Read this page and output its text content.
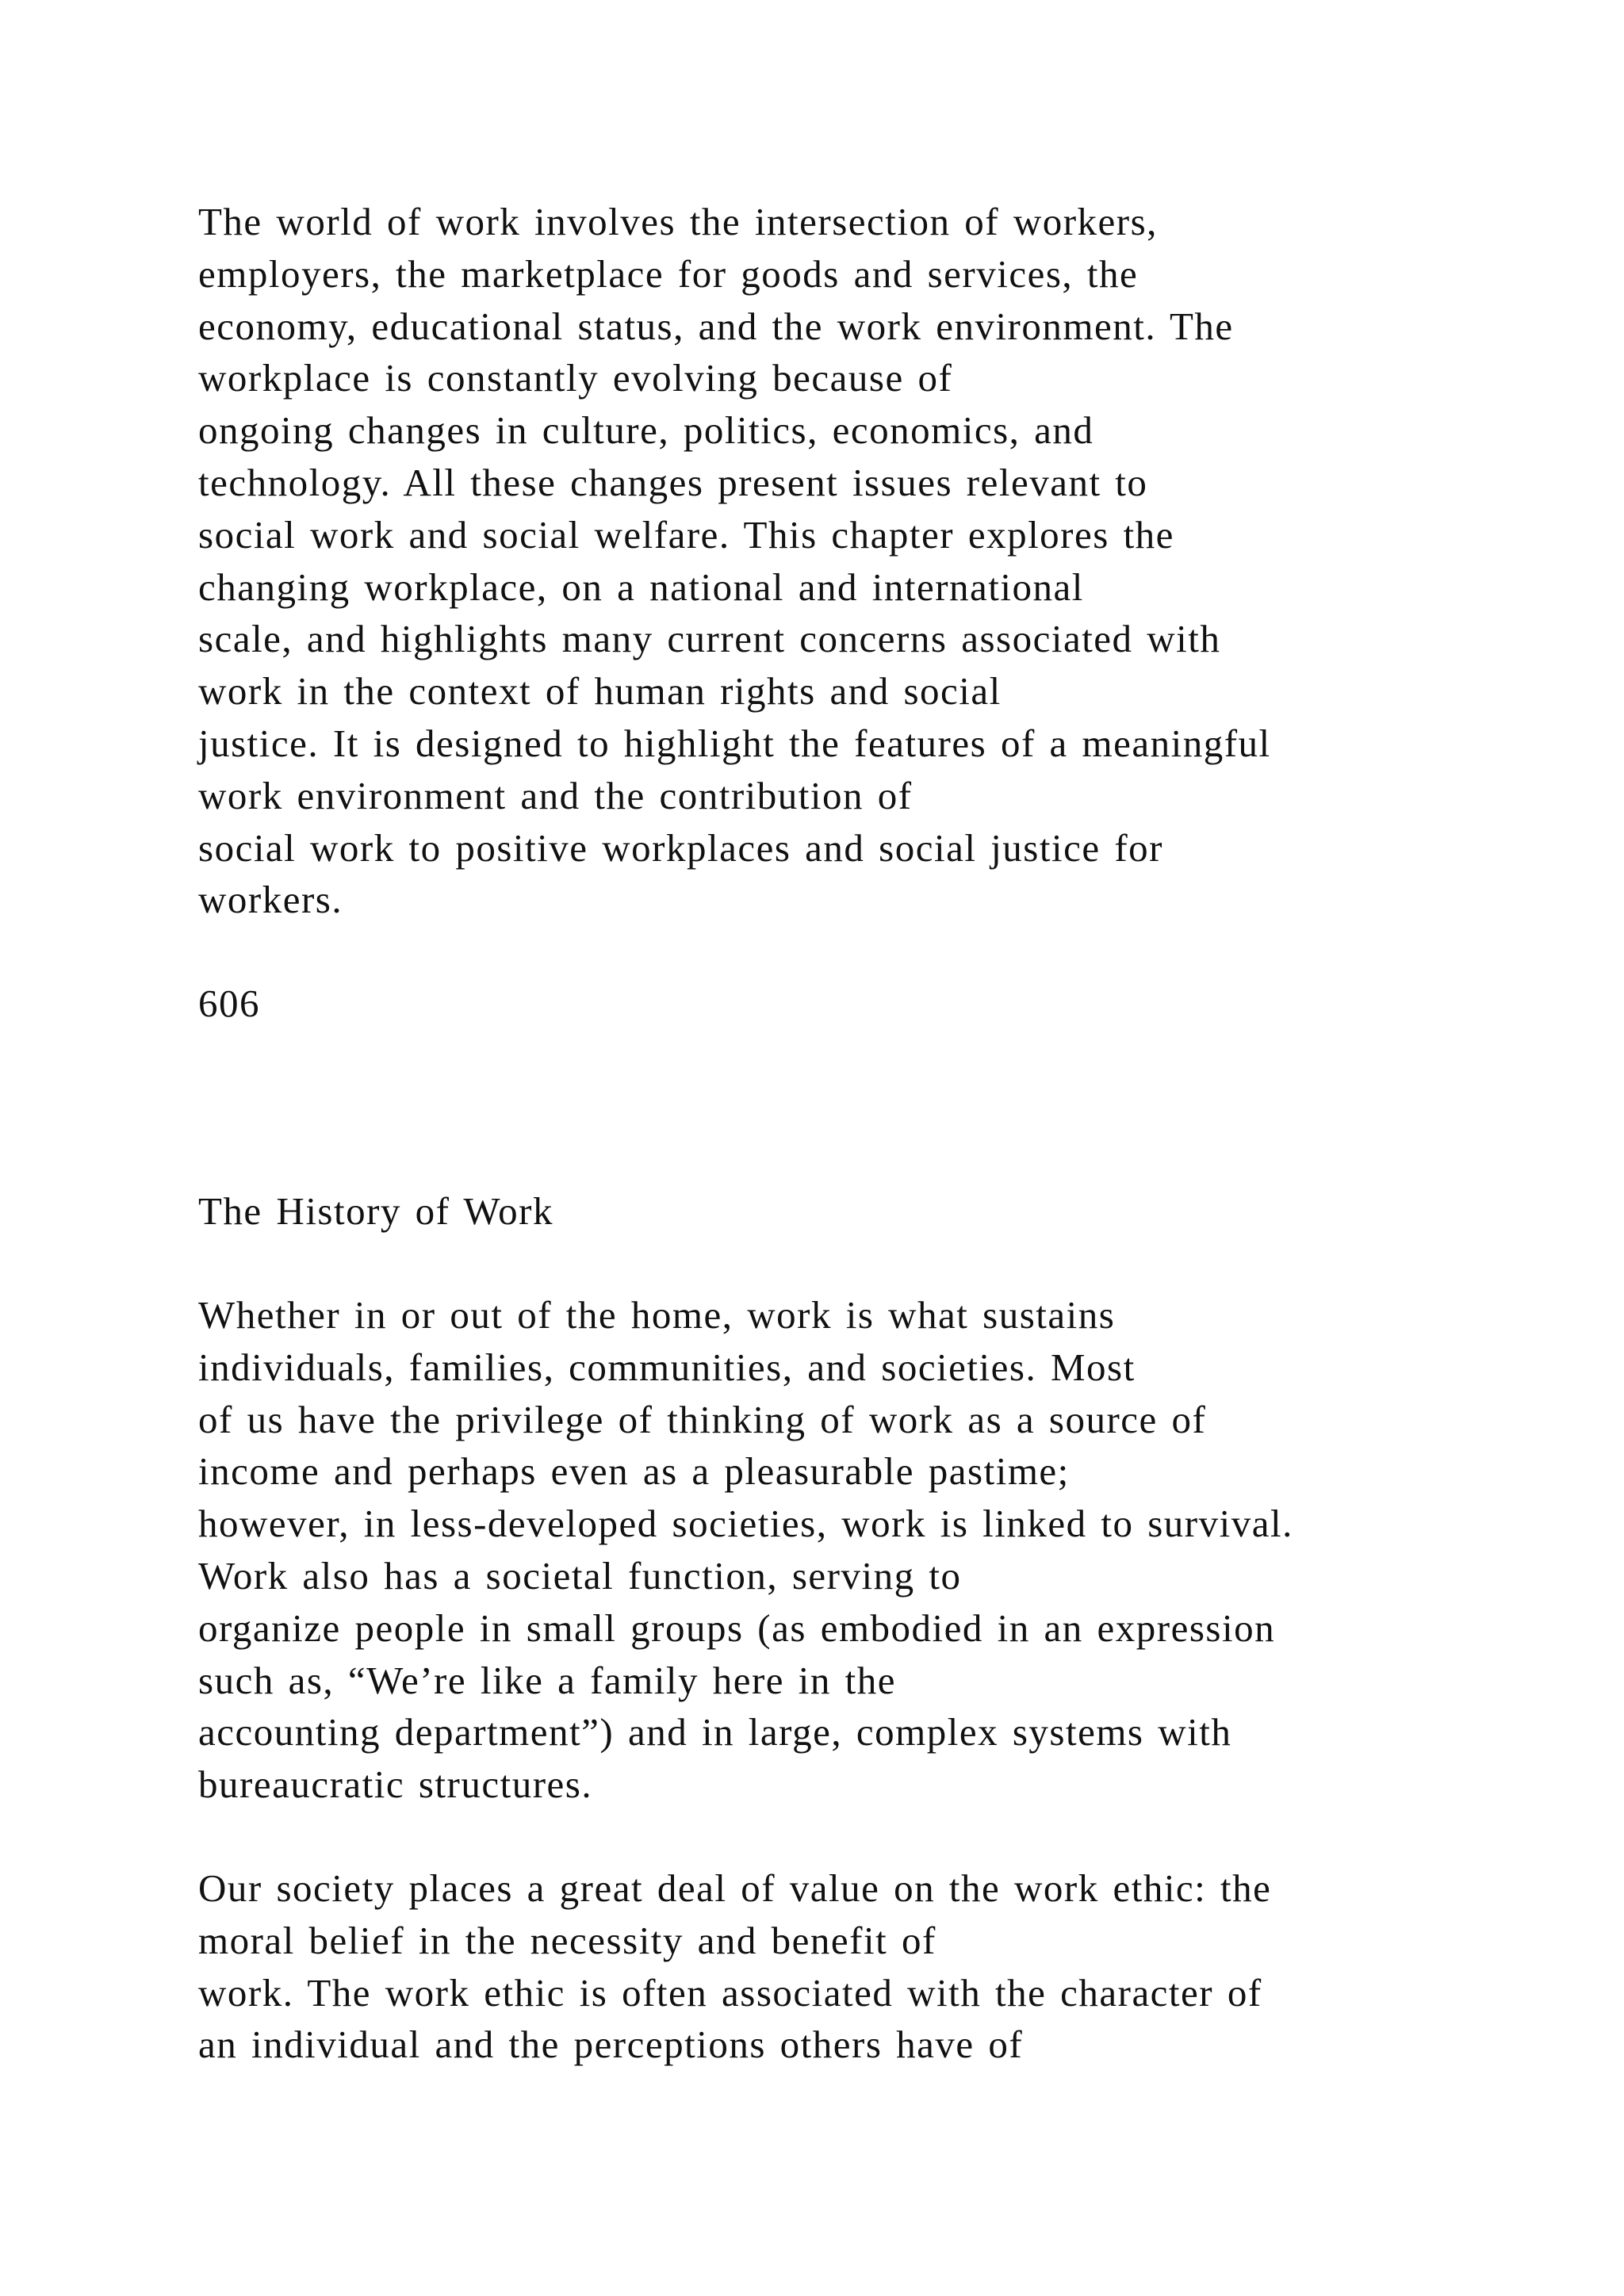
The world of work involves the intersection of workers,
employers, the marketplace for goods and services, the
economy, educational status, and the work environment. The
workplace is constantly evolving because of
ongoing changes in culture, politics, economics, and
technology. All these changes present issues relevant to
social work and social welfare. This chapter explores the
changing workplace, on a national and international
scale, and highlights many current concerns associated with
work in the context of human rights and social
justice. It is designed to highlight the features of a meaningful
work environment and the contribution of
social work to positive workplaces and social justice for
workers.
606
The History of Work
Whether in or out of the home, work is what sustains
individuals, families, communities, and societies. Most
of us have the privilege of thinking of work as a source of
income and perhaps even as a pleasurable pastime;
however, in less-developed societies, work is linked to survival.
Work also has a societal function, serving to
organize people in small groups (as embodied in an expression
such as, “We’re like a family here in the
accounting department”) and in large, complex systems with
bureaucratic structures.
Our society places a great deal of value on the work ethic: the
moral belief in the necessity and benefit of
work. The work ethic is often associated with the character of
an individual and the perceptions others have of
